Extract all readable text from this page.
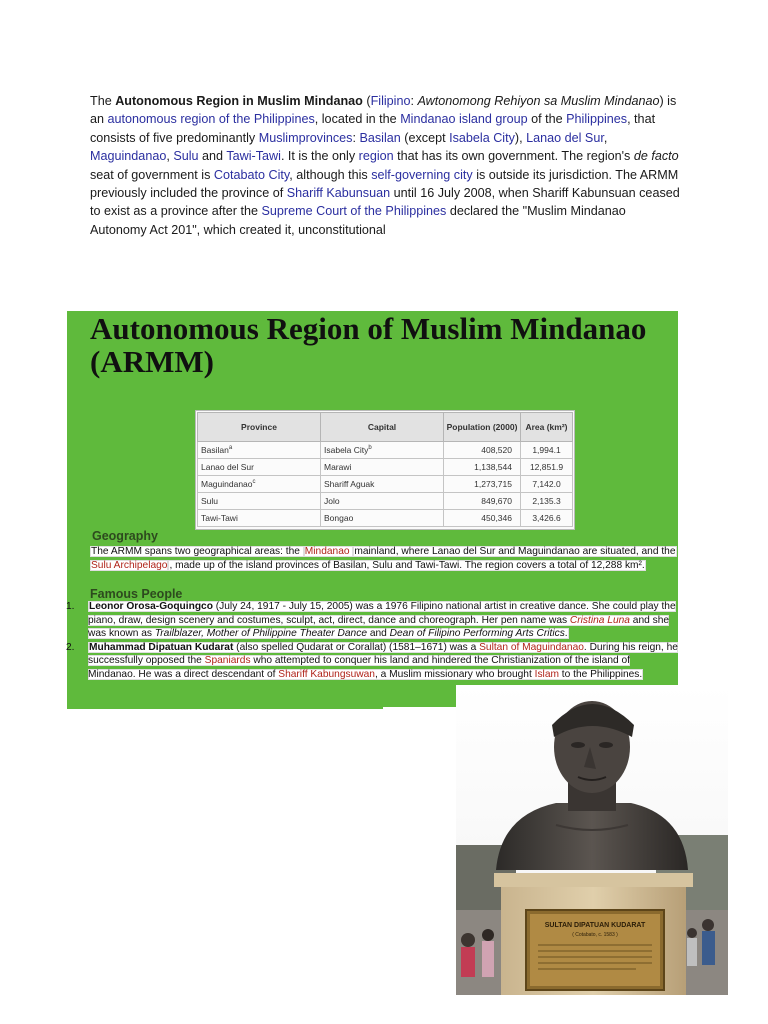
The Autonomous Region in Muslim Mindanao (Filipino: Awtonomong Rehiyon sa Muslim Mindanao) is an autonomous region of the Philippines, located in the Mindanao island group of the Philippines, that consists of five predominantly Muslimprovinces: Basilan (except Isabela City), Lanao del Sur, Maguindanao, Sulu and Tawi-Tawi. It is the only region that has its own government. The region's de facto seat of government is Cotabato City, although this self-governing city is outside its jurisdiction. The ARMM previously included the province of Shariff Kabunsuan until 16 July 2008, when Shariff Kabunsuan ceased to exist as a province after the Supreme Court of the Philippines declared the "Muslim Mindanao Autonomy Act 201", which created it, unconstitutional
Autonomous Region of Muslim Mindanao (ARMM)
Province	Capital	Population (2000)	Area (km²)
Basilan$^a$	Isabela City$^b$	408,520	1,994.1
Lanao del Sur	Marawi	1,138,544	12,851.9
Maguindanao$^c$	Shariff Aguak	1,273,715	7,142.0
Sulu	Jolo	849,670	2,135.3
Tawi-Tawi	Bongao	450,346	3,426.6
Geography
The ARMM spans two geographical areas: the Mindanao mainland, where Lanao del Sur and Maguindanao are situated, and the Sulu Archipelago , made up of the island provinces of Basilan, Sulu and Tawi-Tawi. The region covers a total of 12,288 km².
Famous People
1.	Leonor Orosa-Goquingco (July 24, 1917 - July 15, 2005) was a 1976 Filipino national artist in creative dance. She could play the piano, draw, design scenery and costumes, sculpt, act, direct, dance and choreograph. Her pen name was Cristina Luna and she was known as Trailblazer, Mother of Philippine Theater Dance and Dean of Filipino Performing Arts Critics.
2.	Muhammad Dipatuan Kudarat (also spelled Qudarat or Corallat) (1581–1671) was a Sultan of Maguindanao. During his reign, he successfully opposed the Spaniards who attempted to conquer his land and hindered the Christianization of the island of Mindanao. He was a direct descendant of Shariff Kabungsuwan, a Muslim missionary who brought Islam to the Philippines.
SULTAN DIPATUAN KUDARAT
( Cotabato, c. 1583 )
